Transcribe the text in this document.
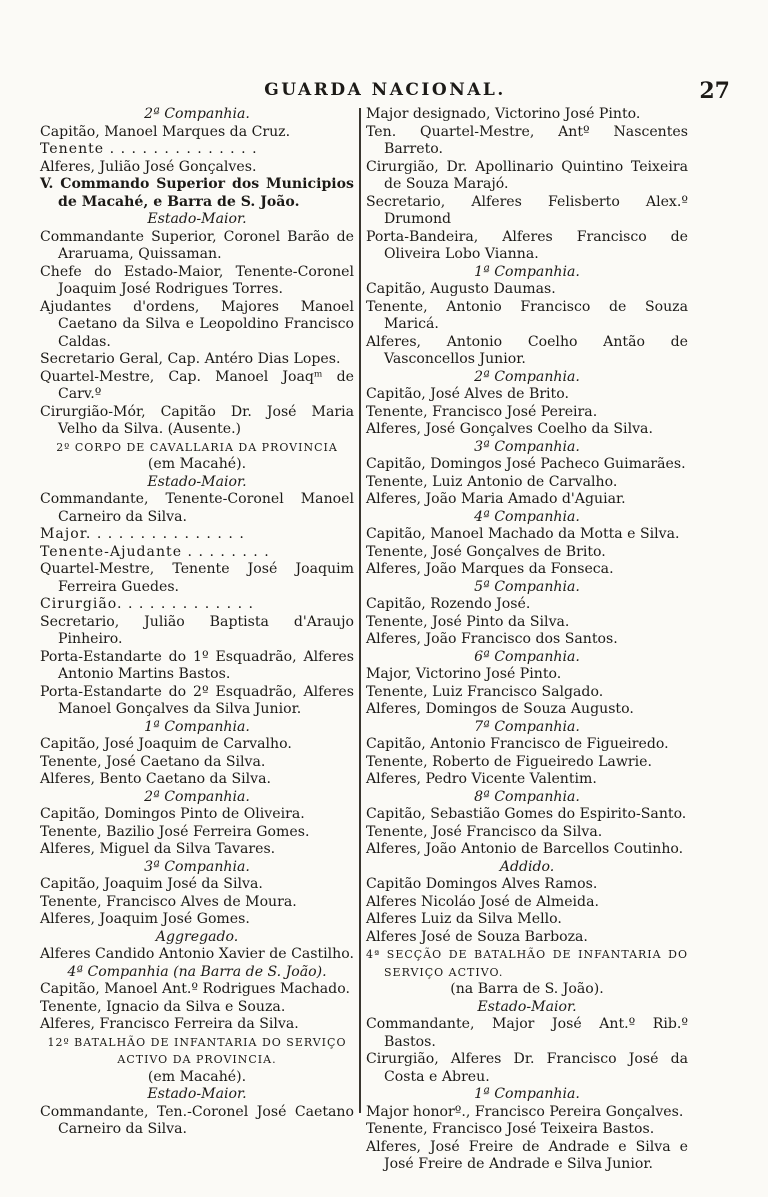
GUARDA NACIONAL.	27
2ª Companhia.
Capitão, Manoel Marques da Cruz.
Tenente . . . . . . . . . . . . . .
Alferes, Julião José Gonçalves.
V. Commando Superior dos Municipios de Macahé, e Barra de S. João.
Estado-Maior.
Commandante Superior, Coronel Barão de Araruama, Quissaman.
Chefe do Estado-Maior, Tenente-Coronel Joaquim José Rodrigues Torres.
Ajudantes d'ordens, Majores Manoel Caetano da Silva e Leopoldino Francisco Caldas.
Secretario Geral, Cap. Antéro Dias Lopes.
Quartel-Mestre, Cap. Manoel Joaqᵐ de Carv.º
Cirurgião-Mór, Capitão Dr. José Maria Velho da Silva. (Ausente.)
2º CORPO DE CAVALLARIA DA PROVINCIA
(em Macahé).
Estado-Maior.
Commandante, Tenente-Coronel Manoel Carneiro da Silva.
Major. . . . . . . . . . . . . . .
Tenente-Ajudante . . . . . . . .
Quartel-Mestre, Tenente José Joaquim Ferreira Guedes.
Cirurgião. . . . . . . . . . . . .
Secretario, Julião Baptista d'Araujo Pinheiro.
Porta-Estandarte do 1º Esquadrão, Alferes Antonio Martins Bastos.
Porta-Estandarte do 2º Esquadrão, Alferes Manoel Gonçalves da Silva Junior.
1ª Companhia.
Capitão, José Joaquim de Carvalho.
Tenente, José Caetano da Silva.
Alferes, Bento Caetano da Silva.
2ª Companhia.
Capitão, Domingos Pinto de Oliveira.
Tenente, Bazilio José Ferreira Gomes.
Alferes, Miguel da Silva Tavares.
3ª Companhia.
Capitão, Joaquim José da Silva.
Tenente, Francisco Alves de Moura.
Alferes, Joaquim José Gomes.
Aggregado.
Alferes Candido Antonio Xavier de Castilho.
4ª Companhia (na Barra de S. João).
Capitão, Manoel Ant.º Rodrigues Machado.
Tenente, Ignacio da Silva e Souza.
Alferes, Francisco Ferreira da Silva.
12º BATALHÃO DE INFANTARIA DO SERVIÇO ACTIVO DA PROVINCIA.
(em Macahé).
Estado-Maior.
Commandante, Ten.-Coronel José Caetano Carneiro da Silva.
Major designado, Victorino José Pinto.
Ten. Quartel-Mestre, Antº Nascentes Barreto.
Cirurgião, Dr. Apollinario Quintino Teixeira de Souza Marajó.
Secretario, Alferes Felisberto Alex.º Drumond
Porta-Bandeira, Alferes Francisco de Oliveira Lobo Vianna.
1ª Companhia.
Capitão, Augusto Daumas.
Tenente, Antonio Francisco de Souza Maricá.
Alferes, Antonio Coelho Antão de Vasconcellos Junior.
2ª Companhia.
Capitão, José Alves de Brito.
Tenente, Francisco José Pereira.
Alferes, José Gonçalves Coelho da Silva.
3ª Companhia.
Capitão, Domingos José Pacheco Guimarães.
Tenente, Luiz Antonio de Carvalho.
Alferes, João Maria Amado d'Aguiar.
4ª Companhia.
Capitão, Manoel Machado da Motta e Silva.
Tenente, José Gonçalves de Brito.
Alferes, João Marques da Fonseca.
5ª Companhia.
Capitão, Rozendo José.
Tenente, José Pinto da Silva.
Alferes, João Francisco dos Santos.
6ª Companhia.
Major, Victorino José Pinto.
Tenente, Luiz Francisco Salgado.
Alferes, Domingos de Souza Augusto.
7ª Companhia.
Capitão, Antonio Francisco de Figueiredo.
Tenente, Roberto de Figueiredo Lawrie.
Alferes, Pedro Vicente Valentim.
8ª Companhia.
Capitão, Sebastião Gomes do Espirito-Santo.
Tenente, José Francisco da Silva.
Alferes, João Antonio de Barcellos Coutinho.
Addido.
Capitão Domingos Alves Ramos.
Alferes Nicoláo José de Almeida.
Alferes Luiz da Silva Mello.
Alferes José de Souza Barboza.
4ª SECÇÃO DE BATALHÃO DE INFANTARIA DO SERVIÇO ACTIVO.
(na Barra de S. João).
Estado-Maior.
Commandante, Major José Ant.º Rib.º Bastos.
Cirurgião, Alferes Dr. Francisco José da Costa e Abreu.
1ª Companhia.
Major honorº., Francisco Pereira Gonçalves.
Tenente, Francisco José Teixeira Bastos.
Alferes, José Freire de Andrade e Silva e José Freire de Andrade e Silva Junior.
